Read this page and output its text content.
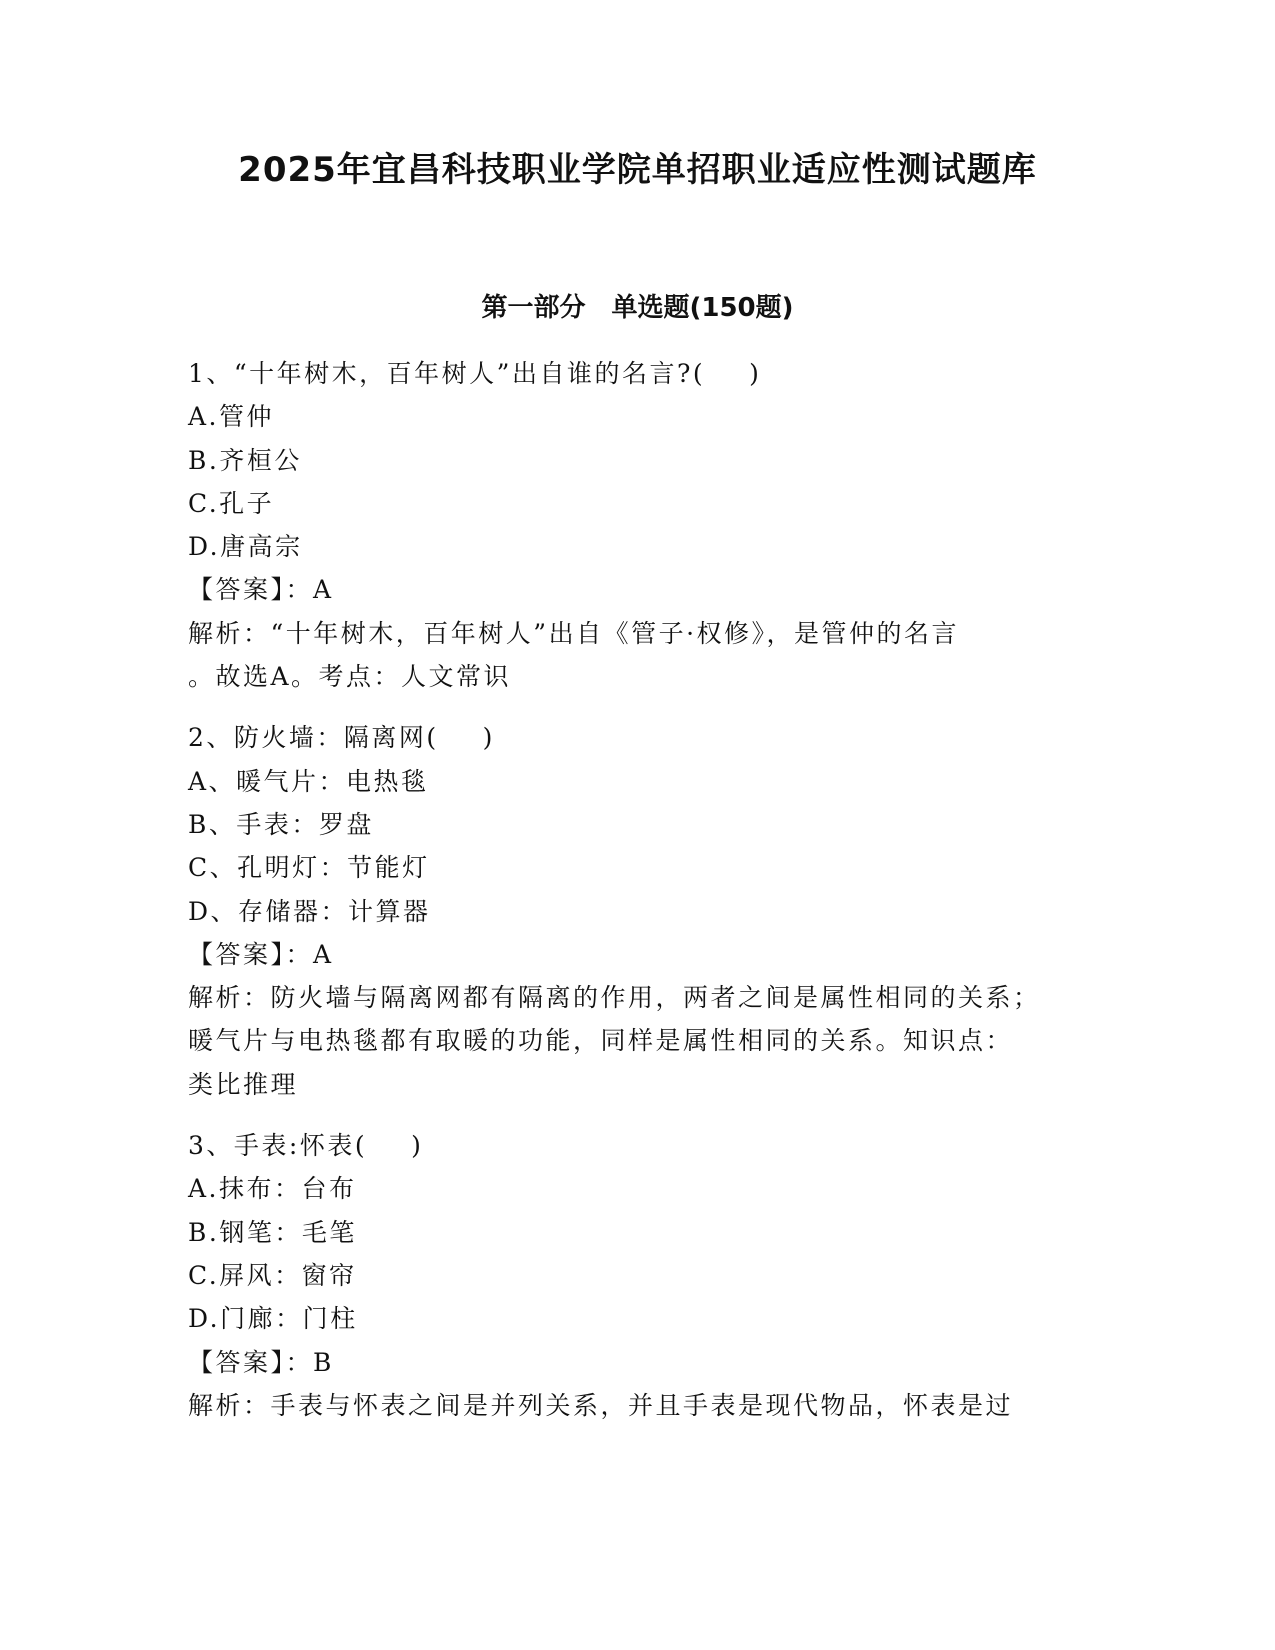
2025年宜昌科技职业学院单招职业适应性测试题库
第一部分 单选题(150题)
1、“十年树木，百年树人”出自谁的名言?( )
A.管仲
B.齐桓公
C.孔子
D.唐高宗
【答案】：A
解析：“十年树木，百年树人”出自《管子·权修》，是管仲的名言
。故选A。考点：人文常识
2、防火墙：隔离网( )
A、暖气片：电热毯
B、手表：罗盘
C、孔明灯：节能灯
D、存储器：计算器
【答案】：A
解析：防火墙与隔离网都有隔离的作用，两者之间是属性相同的关系；
暖气片与电热毯都有取暖的功能，同样是属性相同的关系。知识点：
类比推理
3、手表:怀表( )
A.抹布：台布
B.钢笔：毛笔
C.屏风：窗帘
D.门廊：门柱
【答案】：B
解析：手表与怀表之间是并列关系，并且手表是现代物品，怀表是过
